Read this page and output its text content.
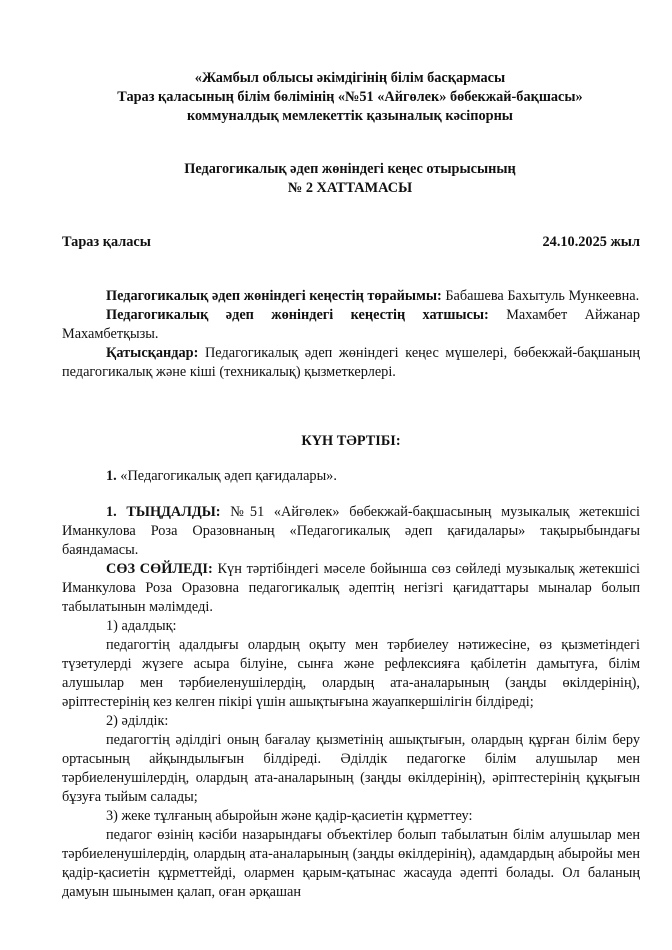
«Жамбыл облысы әкімдігінің білім басқармасы
Тараз қаласының білім бөлімінің «№51 «Айгөлек» бөбекжай-бақшасы»
коммуналдық мемлекеттік қазыналық кәсіпорны
Педагогикалық әдеп жөніндегі кеңес отырысының
№ 2 ХАТТАМАСЫ
Тараз қаласы	24.10.2025 жыл

Педагогикалық әдеп жөніндегі кеңестің төрайымы: Бабашева Бахытуль Мункеевна.

Педагогикалық әдеп жөніндегі кеңестің хатшысы: Махамбет Айжанар Махамбетқызы.

Қатысқандар: Педагогикалық әдеп жөніндегі кеңес мүшелері, бөбекжай-бақшаның педагогикалық және кіші (техникалық) қызметкерлері.

КҮН ТӘРТІБІ:

1. «Педагогикалық әдеп қағидалары».

1. ТЫҢДАЛДЫ: №51 «Айгөлек» бөбекжай-бақшасының музыкалық жетекшісі Иманкулова Роза Оразовнаның «Педагогикалық әдеп қағидалары» тақырыбындағы баяндамасы.

СӨЗ СӨЙЛЕДІ: Күн тәртібіндегі мәселе бойынша сөз сөйледі музыкалық жетекшісі Иманкулова Роза Оразовна педагогикалық әдептің негізгі қағидаттары мыналар болып табылатынын мәлімдеді.

1) адалдық:

педагогтің адалдығы олардың оқыту мен тәрбиелеу нәтижесіне, өз қызметіндегі түзетулерді жүзеге асыра білуіне, сынға және рефлексияға қабілетін дамытуға, білім алушылар мен тәрбиеленушілердің, олардың ата-аналарының (заңды өкілдерінің), әріптестерінің кез келген пікірі үшін ашықтығына жауапкершілігін білдіреді;

2) әділдік:

педагогтің әділдігі оның бағалау қызметінің ашықтығын, олардың құрған білім беру ортасының айқындылығын білдіреді. Әділдік педагогке білім алушылар мен тәрбиеленушілердің, олардың ата-аналарының (заңды өкілдерінің), әріптестерінің құқығын бұзуға тыйым салады;

3) жеке тұлғаның абыройын және қадір-қасиетін құрметтеу:

педагог өзінің кәсіби назарындағы объектілер болып табылатын білім алушылар мен тәрбиеленушілердің, олардың ата-аналарының (заңды өкілдерінің), адамдардың абыройы мен қадір-қасиетін құрметтейді, олармен қарым-қатынас жасауда әдепті болады. Ол баланың дамуын шынымен қалап, оған әрқашан
